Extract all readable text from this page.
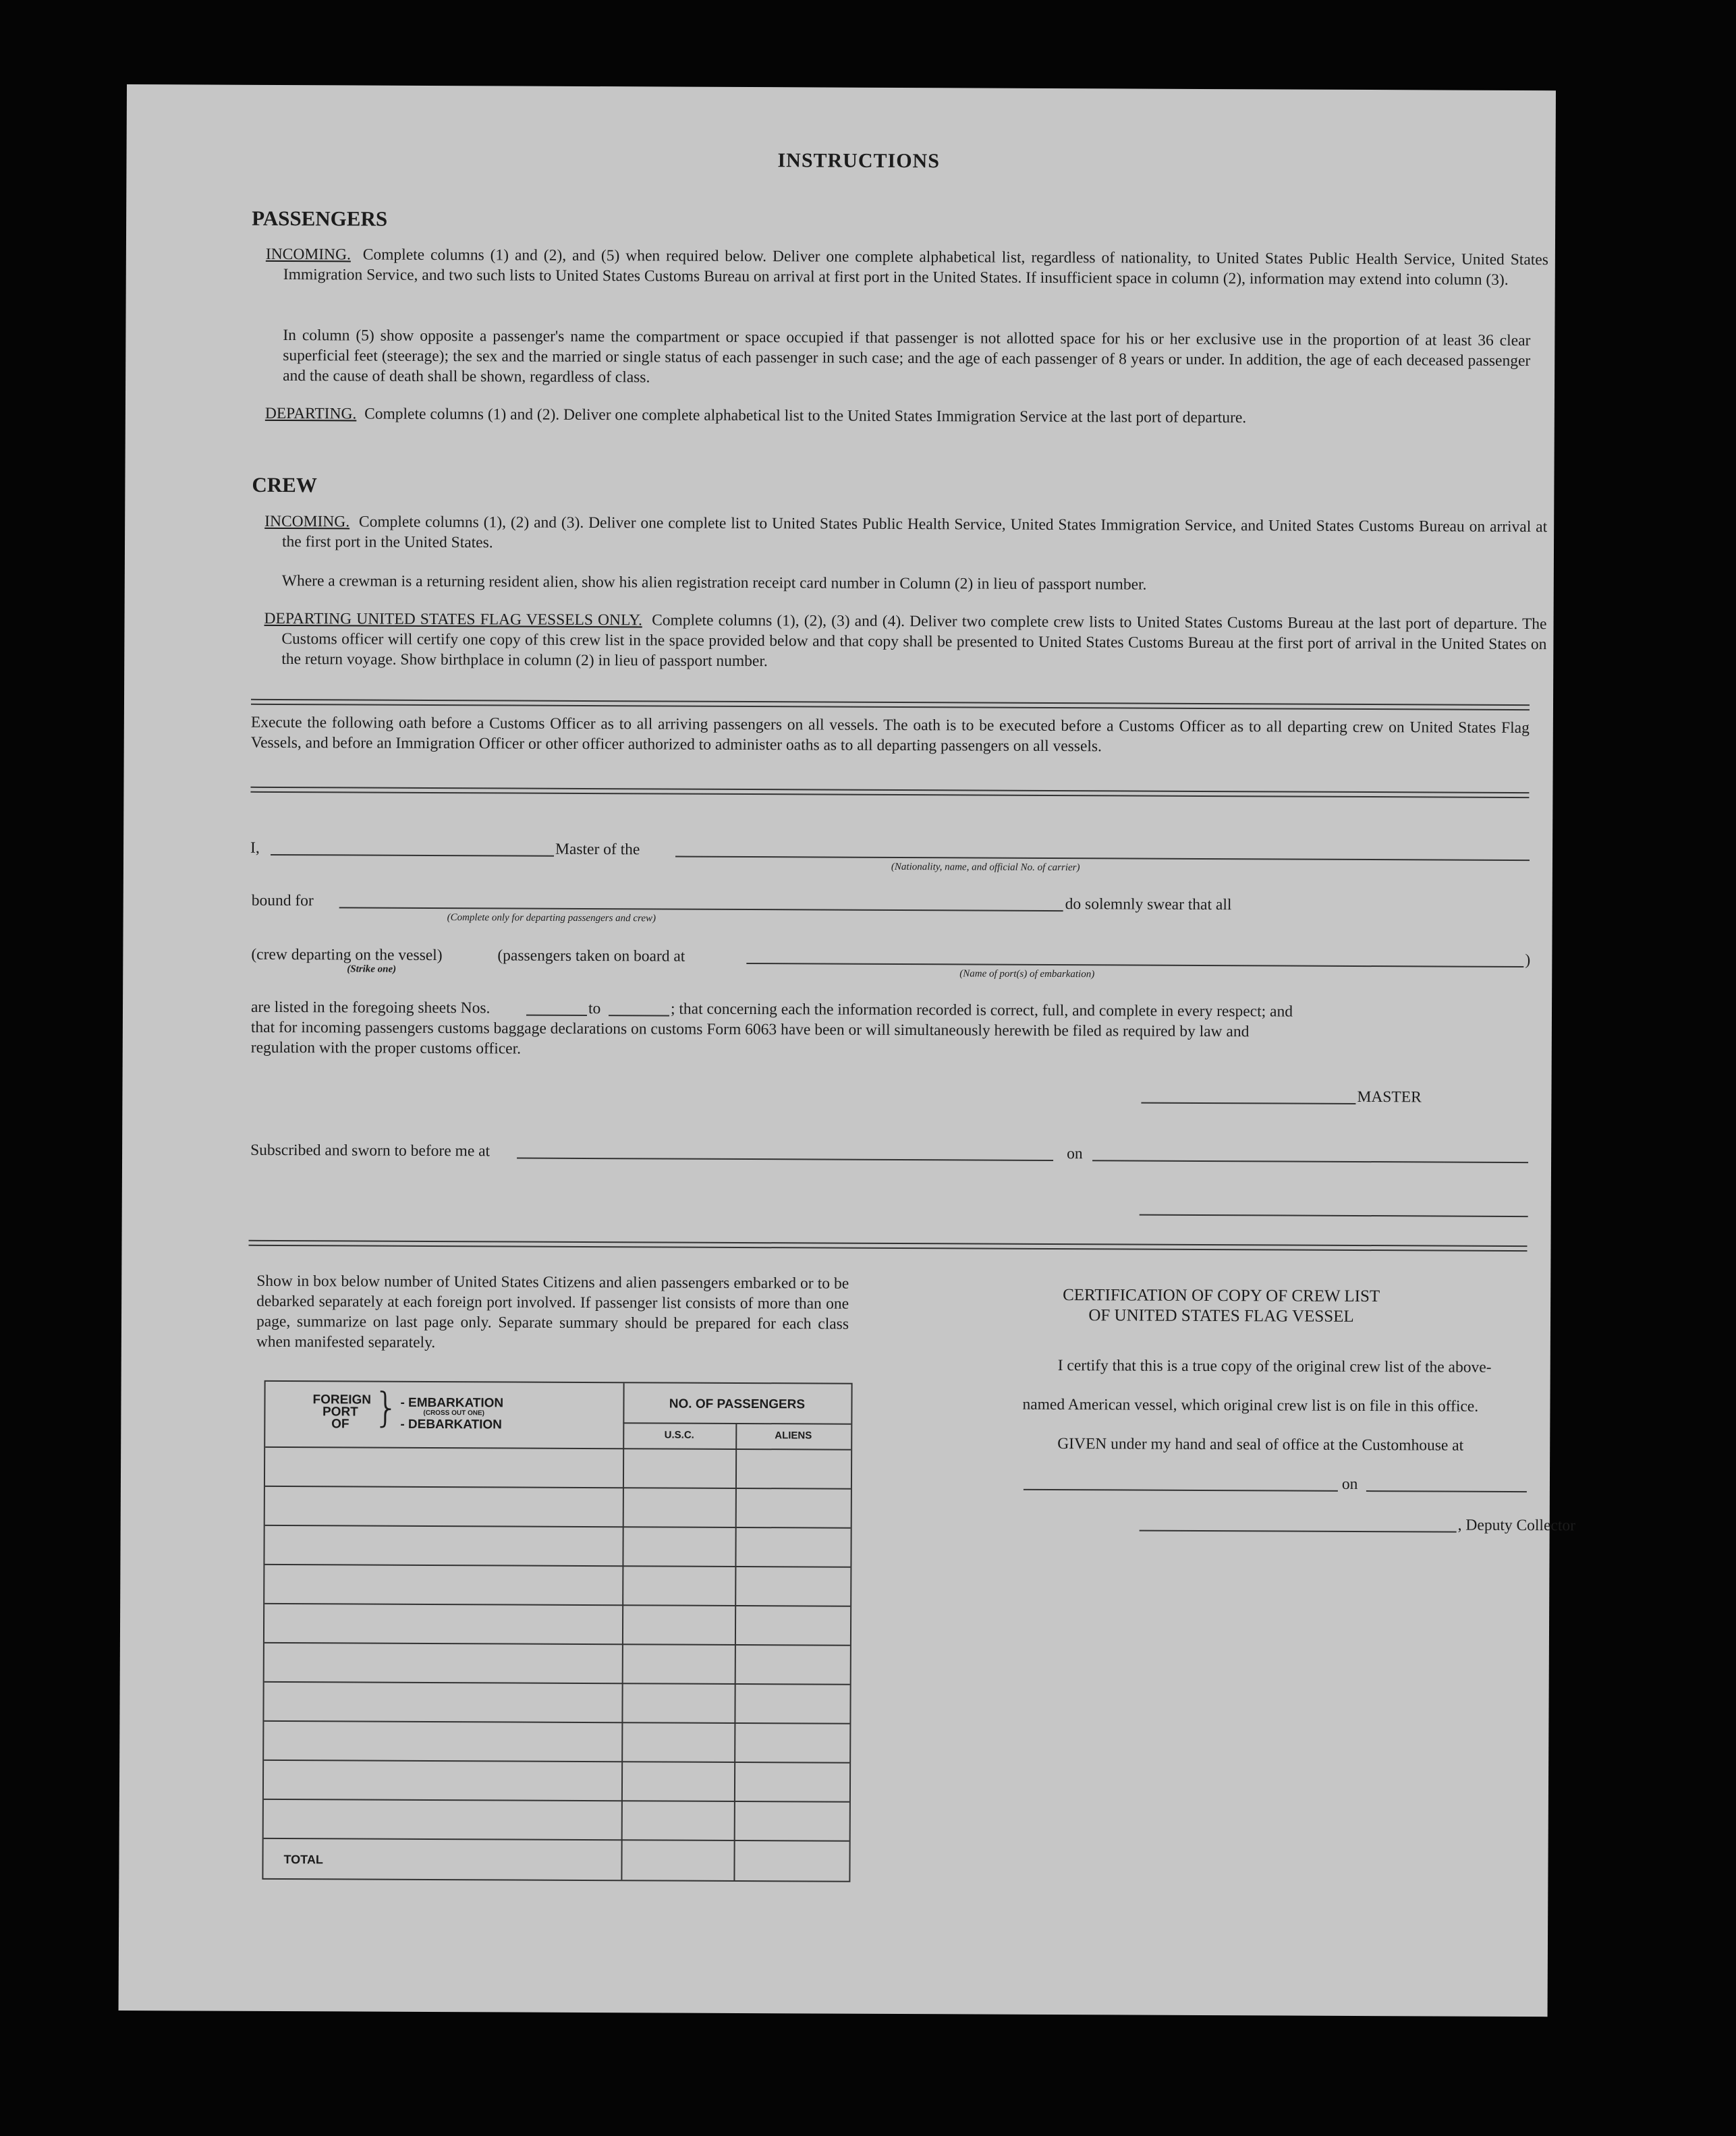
INSTRUCTIONS
PASSENGERS
INCOMING. Complete columns (1) and (2), and (5) when required below. Deliver one complete alphabetical list, regardless of nationality, to United States Public Health Service, United States Immigration Service, and two such lists to United States Customs Bureau on arrival at first port in the United States. If insufficient space in column (2), information may extend into column (3).
In column (5) show opposite a passenger's name the compartment or space occupied if that passenger is not allotted space for his or her exclusive use in the proportion of at least 36 clear superficial feet (steerage); the sex and the married or single status of each passenger in such case; and the age of each passenger of 8 years or under. In addition, the age of each deceased passenger and the cause of death shall be shown, regardless of class.
DEPARTING. Complete columns (1) and (2). Deliver one complete alphabetical list to the United States Immigration Service at the last port of departure.
CREW
INCOMING. Complete columns (1), (2) and (3). Deliver one complete list to United States Public Health Service, United States Immigration Service, and United States Customs Bureau on arrival at the first port in the United States.
Where a crewman is a returning resident alien, show his alien registration receipt card number in Column (2) in lieu of passport number.
DEPARTING UNITED STATES FLAG VESSELS ONLY. Complete columns (1), (2), (3) and (4). Deliver two complete crew lists to United States Customs Bureau at the last port of departure. The Customs officer will certify one copy of this crew list in the space provided below and that copy shall be presented to United States Customs Bureau at the first port of arrival in the United States on the return voyage. Show birthplace in column (2) in lieu of passport number.
Execute the following oath before a Customs Officer as to all arriving passengers on all vessels. The oath is to be executed before a Customs Officer as to all departing crew on United States Flag Vessels, and before an Immigration Officer or other officer authorized to administer oaths as to all departing passengers on all vessels.
I,	Master of the
(Nationality, name, and official No. of carrier)
bound for
(Complete only for departing passengers and crew)
do solemnly swear that all
(crew departing on the vessel)
(Strike one)
(passengers taken on board at
(Name of port(s) of embarkation)
)
are listed in the foregoing sheets Nos.	to	; that concerning each the information recorded is correct, full, and complete in every respect; and
that for incoming passengers customs baggage declarations on customs Form 6063 have been or will simultaneously herewith be filed as required by law and
regulation with the proper customs officer.
MASTER
Subscribed and sworn to before me at	on
Show in box below number of United States Citizens and alien passengers embarked or to be debarked separately at each foreign port involved. If passenger list consists of more than one page, summarize on last page only. Separate summary should be prepared for each class when manifested separately.
FOREIGN
PORT
OF } - EMBARKATION
(CROSS OUT ONE)
- DEBARKATION
NO. OF PASSENGERS
U.S.C.	ALIENS
TOTAL
CERTIFICATION OF COPY OF CREW LIST
OF UNITED STATES FLAG VESSEL
I certify that this is a true copy of the original crew list of the above-
named American vessel, which original crew list is on file in this office.
GIVEN under my hand and seal of office at the Customhouse at
on
, Deputy Collector
